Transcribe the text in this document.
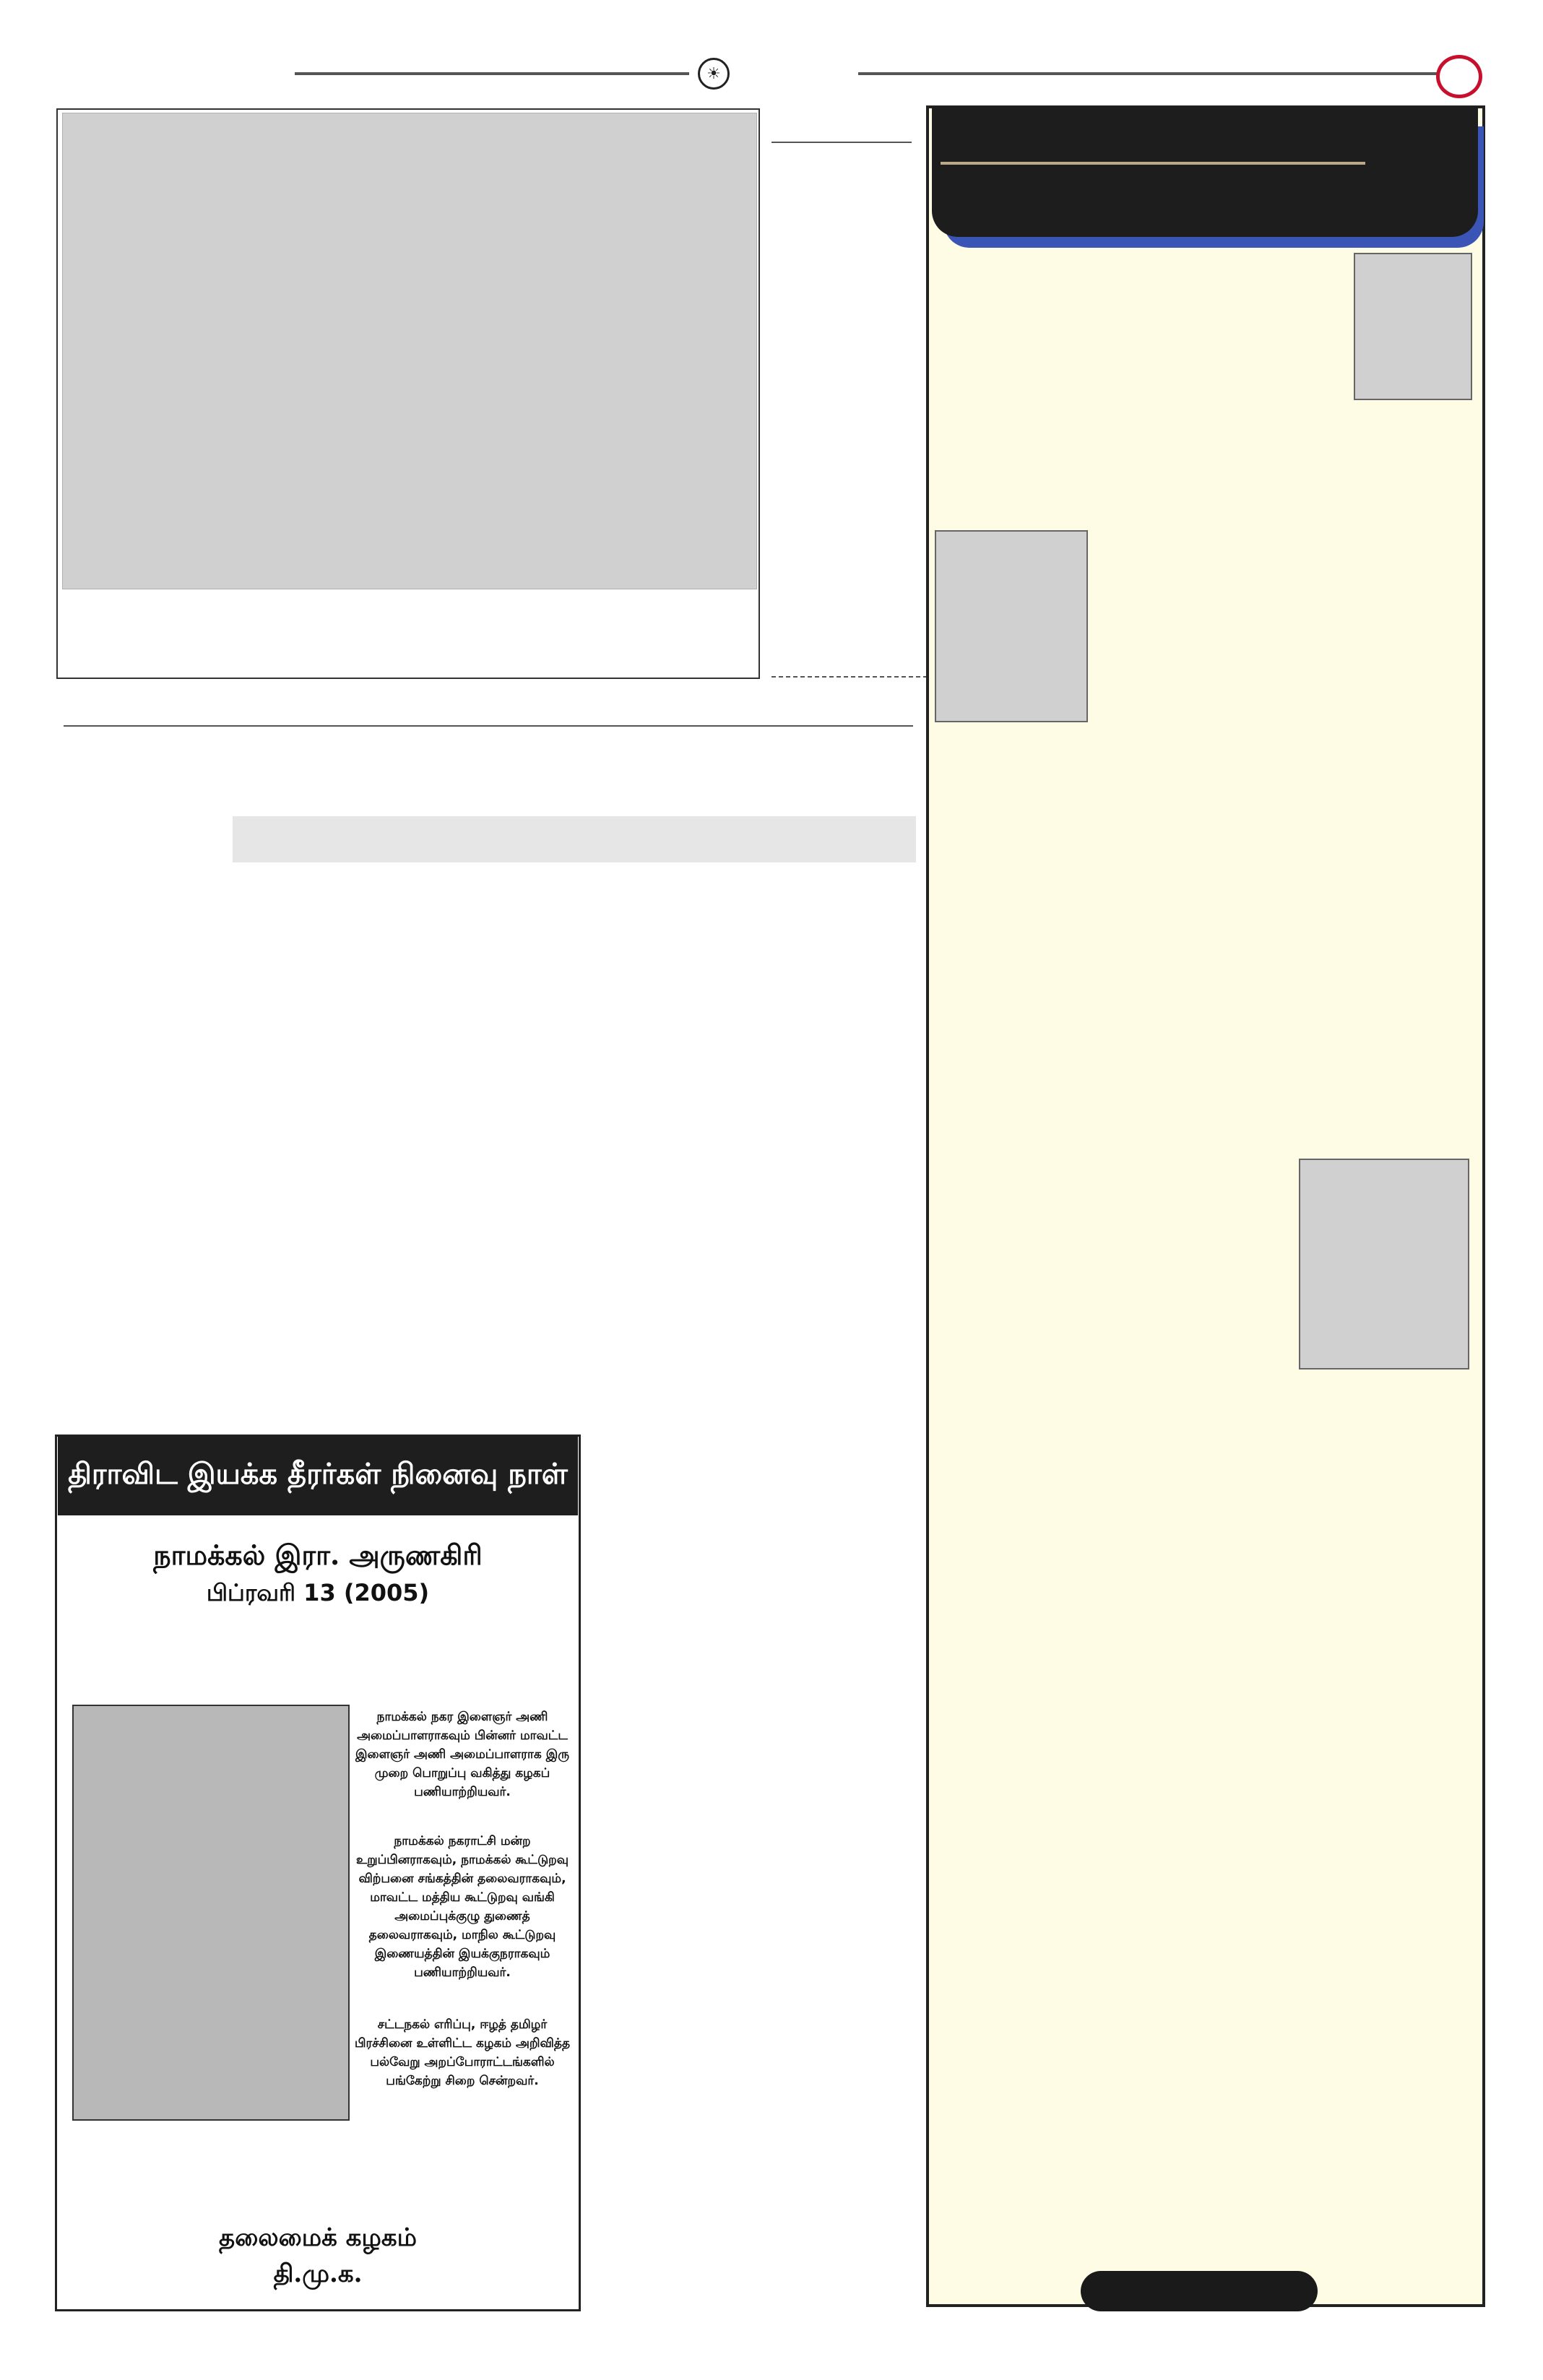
☀
திராவிட இயக்க தீரர்கள் நினைவு நாள்
நாமக்கல் இரா. அருணகிரி
பிப்ரவரி 13 (2005)
நாமக்கல் நகர இளைஞர் அணி அமைப்பாளராகவும் பின்னர் மாவட்ட இளைஞர் அணி அமைப்பாளராக இரு முறை பொறுப்பு வகித்து கழகப் பணியாற்றியவர்.
நாமக்கல் நகராட்சி மன்ற உறுப்பினராகவும், நாமக்கல் கூட்டுறவு விற்பனை சங்கத்தின் தலைவராகவும், மாவட்ட மத்திய கூட்டுறவு வங்கி அமைப்புக்குழு துணைத் தலைவராகவும், மாநில கூட்டுறவு இணையத்தின் இயக்குநராகவும் பணியாற்றியவர்.
சட்டநகல் எரிப்பு, ஈழத் தமிழர் பிரச்சினை உள்ளிட்ட கழகம் அறிவித்த பல்வேறு அறப்போராட்டங்களில் பங்கேற்று சிறை சென்றவர்.
தலைமைக் கழகம்
தி.மு.க.
